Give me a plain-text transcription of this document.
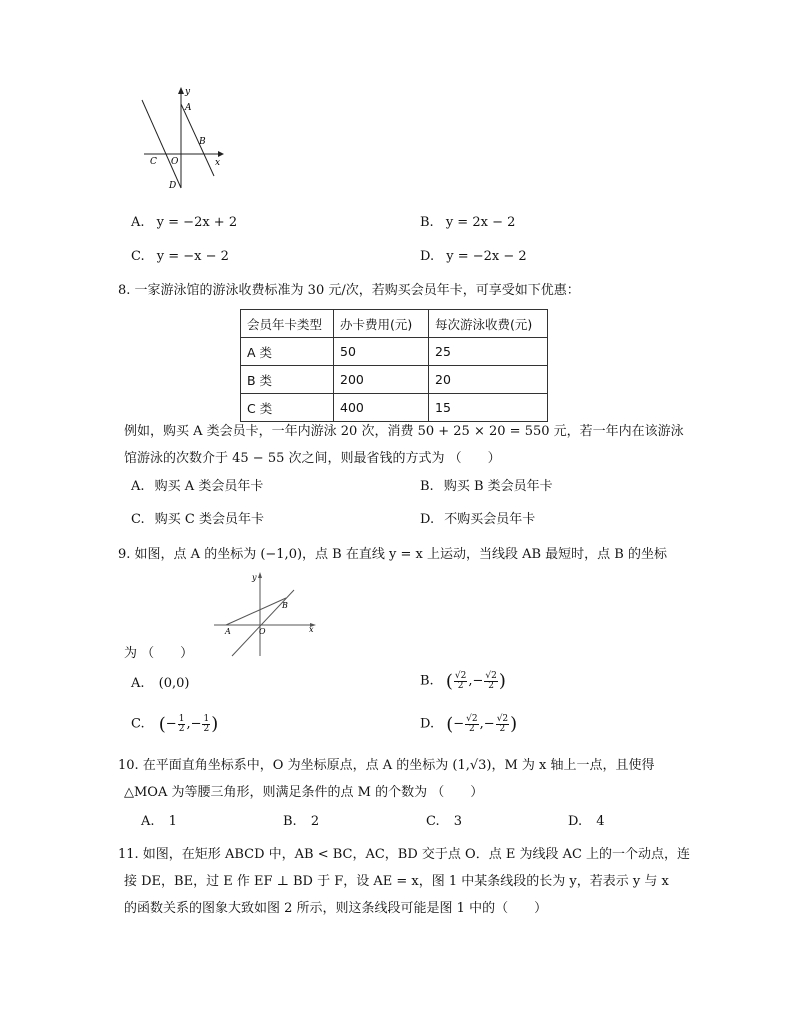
y
A
B
x
C O
D
A. y = −2x + 2	B. y = 2x − 2
C. y = −x − 2	D. y = −2x − 2
8. 一家游泳馆的游泳收费标准为 30 元/次，若购买会员年卡，可享受如下优惠：
会员年卡类型	办卡费用(元)	每次游泳收费(元)
A 类	50	25
B 类	200	20
C 类	400	15
例如，购买 A 类会员卡，一年内游泳 20 次，消费 50 + 25 × 20 = 550 元，若一年内在该游泳
馆游泳的次数介于 45 − 55 次之间，则最省钱的方式为 （　　）
A. 购买 A 类会员年卡	B. 购买 B 类会员年卡
C. 购买 C 类会员年卡	D. 不购买会员年卡
9. 如图，点 A 的坐标为 (−1,0)，点 B 在直线 y = x 上运动，当线段 AB 最短时，点 B 的坐标
y
B
x
A	O
为 （　　）
A. (0,0)	B. ( $\frac{√2}{2}$ ,− $\frac{√2}{2}$ )
C. (− $\frac{1}{2}$ ,− $\frac{1}{2}$ )	D. (− $\frac{√2}{2}$ ,− $\frac{√2}{2}$ )
10. 在平面直角坐标系中，O 为坐标原点，点 A 的坐标为 (1,√3)，M 为 x 轴上一点，且使得
△MOA 为等腰三角形，则满足条件的点 M 的个数为 （　　）
A. 1	B. 2	C. 3	D. 4
11. 如图，在矩形 ABCD 中，AB < BC，AC，BD 交于点 O．点 E 为线段 AC 上的一个动点，连
接 DE，BE，过 E 作 EF ⊥ BD 于 F，设 AE = x，图 1 中某条线段的长为 y，若表示 y 与 x
的函数关系的图象大致如图 2 所示，则这条线段可能是图 1 中的（　　）
